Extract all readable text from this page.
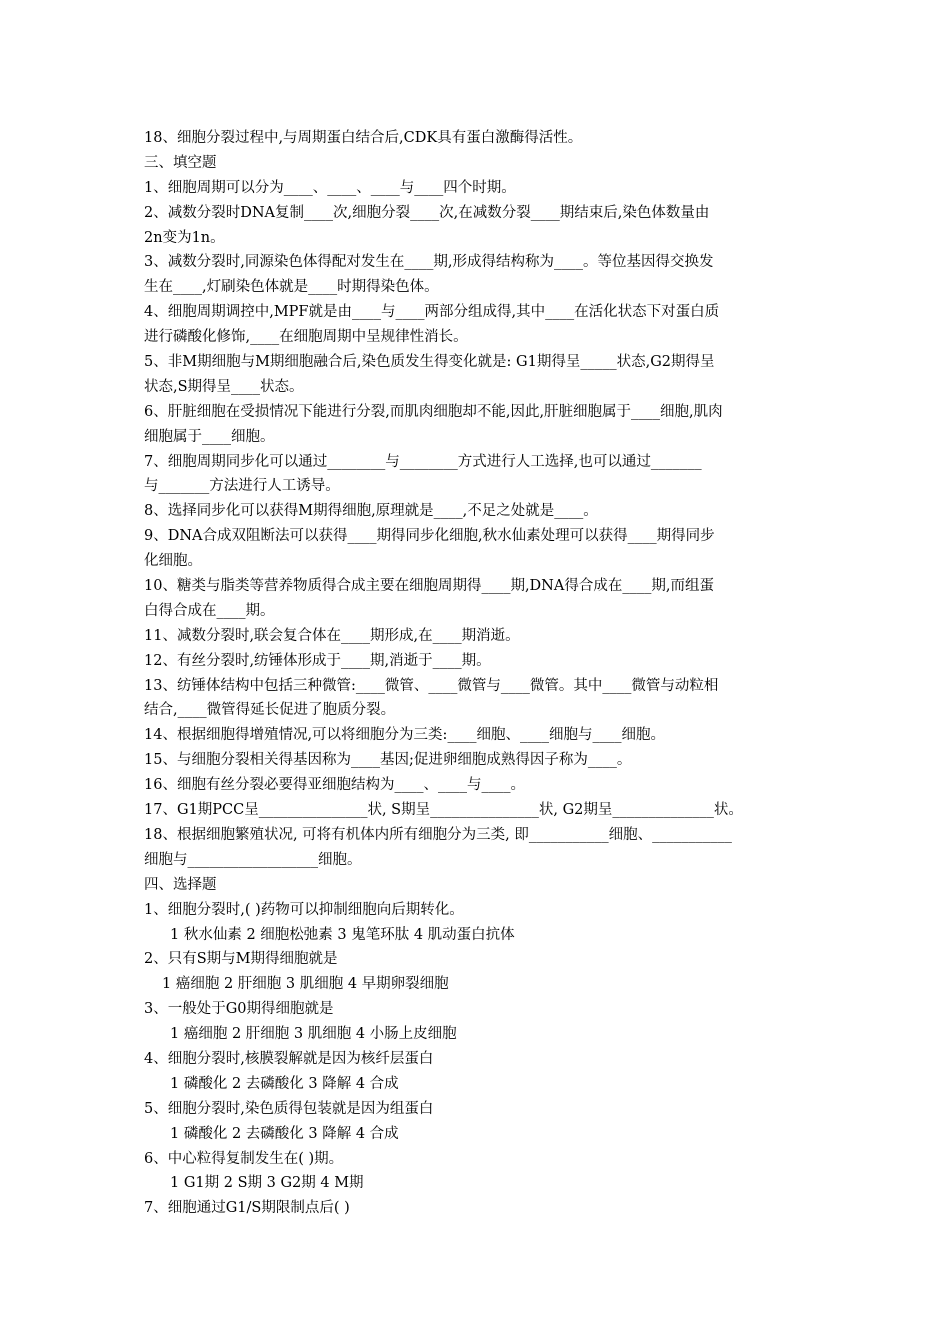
18、细胞分裂过程中,与周期蛋白结合后,CDK具有蛋白激酶得活性。
三、填空题
1、细胞周期可以分为____、____、____与____四个时期。
2、减数分裂时DNA复制____次,细胞分裂____次,在减数分裂____期结束后,染色体数量由
2n变为1n。
3、减数分裂时,同源染色体得配对发生在____期,形成得结构称为____。等位基因得交换发
生在____,灯刷染色体就是____时期得染色体。
4、细胞周期调控中,MPF就是由____与____两部分组成得,其中____在活化状态下对蛋白质
进行磷酸化修饰,____在细胞周期中呈规律性消长。
5、非M期细胞与M期细胞融合后,染色质发生得变化就是: G1期得呈_____状态,G2期得呈
状态,S期得呈____状态。
6、肝脏细胞在受损情况下能进行分裂,而肌肉细胞却不能,因此,肝脏细胞属于____细胞,肌肉
细胞属于____细胞。
7、细胞周期同步化可以通过________与________方式进行人工选择,也可以通过_______
与_______方法进行人工诱导。
8、选择同步化可以获得M期得细胞,原理就是____,不足之处就是____。
9、DNA合成双阻断法可以获得____期得同步化细胞,秋水仙素处理可以获得____期得同步
化细胞。
10、糖类与脂类等营养物质得合成主要在细胞周期得____期,DNA得合成在____期,而组蛋
白得合成在____期。
11、减数分裂时,联会复合体在____期形成,在____期消逝。
12、有丝分裂时,纺锤体形成于____期,消逝于____期。
13、纺锤体结构中包括三种微管:____微管、____微管与____微管。其中____微管与动粒相
结合,____微管得延长促进了胞质分裂。
14、根据细胞得增殖情况,可以将细胞分为三类:____细胞、____细胞与____细胞。
15、与细胞分裂相关得基因称为____基因;促进卵细胞成熟得因子称为____。
16、细胞有丝分裂必要得亚细胞结构为____、____与____。
17、G1期PCC呈_______________状, S期呈_______________状, G2期呈______________状。
18、根据细胞繁殖状况, 可将有机体内所有细胞分为三类, 即___________细胞、___________
细胞与__________________细胞。
四、选择题
1、细胞分裂时,( )药物可以抑制细胞向后期转化。
1 秋水仙素 2 细胞松弛素 3 鬼笔环肽 4 肌动蛋白抗体
2、只有S期与M期得细胞就是
1 癌细胞 2 肝细胞 3 肌细胞 4 早期卵裂细胞
3、一般处于G0期得细胞就是
1 癌细胞 2 肝细胞 3 肌细胞 4 小肠上皮细胞
4、细胞分裂时,核膜裂解就是因为核纤层蛋白
1 磷酸化 2 去磷酸化 3 降解 4 合成
5、细胞分裂时,染色质得包装就是因为组蛋白
1 磷酸化 2 去磷酸化 3 降解 4 合成
6、中心粒得复制发生在( )期。
1 G1期 2 S期 3 G2期 4 M期
7、细胞通过G1/S期限制点后( )
